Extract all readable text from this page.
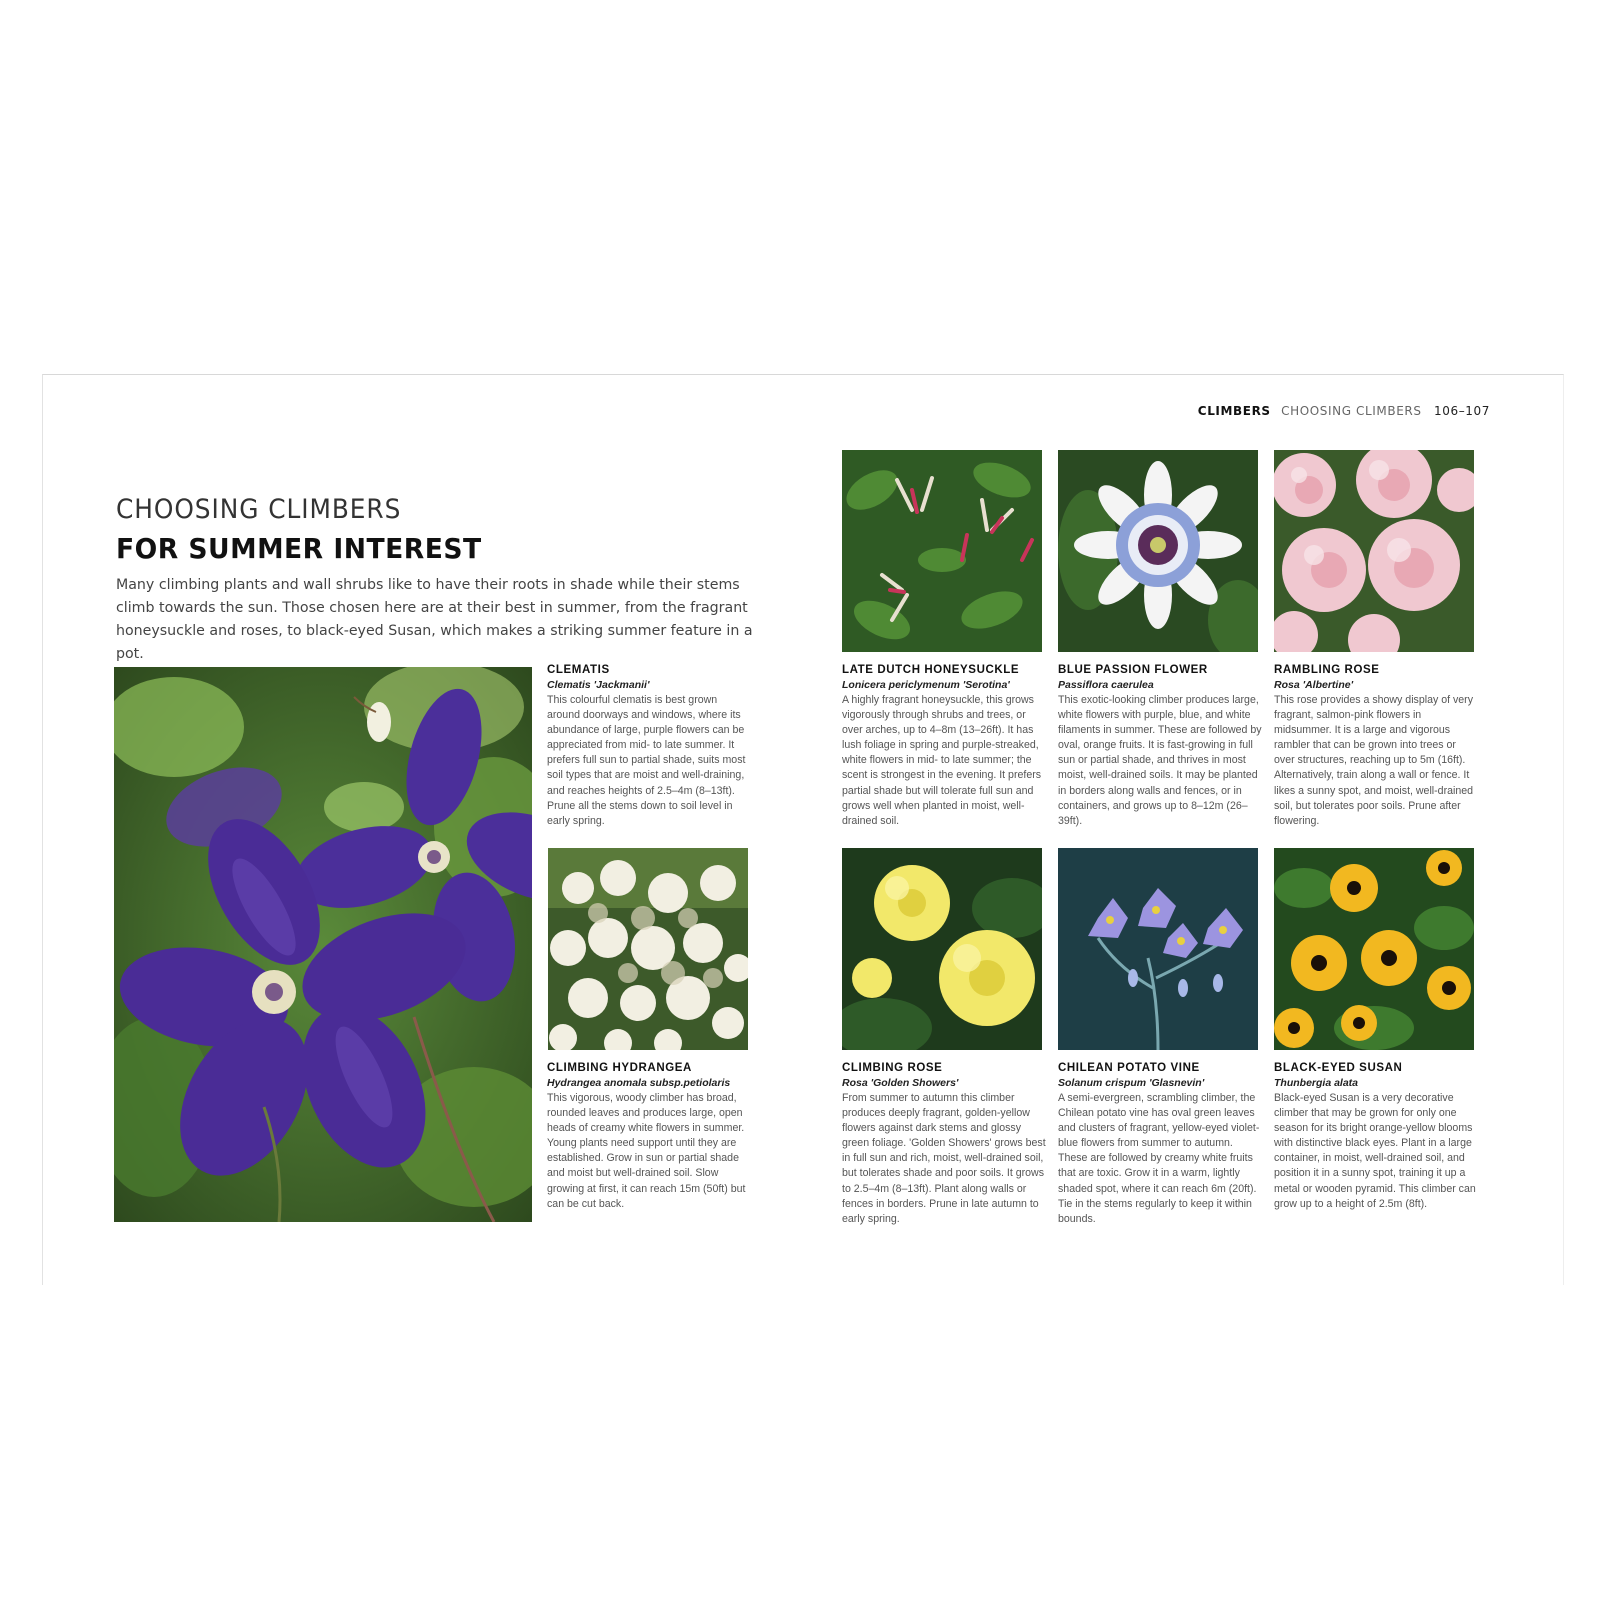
CLIMBERS CHOOSING CLIMBERS 106–107
CHOOSING CLIMBERS
FOR SUMMER INTEREST

Many climbing plants and wall shrubs like to have their roots in shade while their stems climb towards the sun. Those chosen here are at their best in summer, from the fragrant honeysuckle and roses, to black-eyed Susan, which makes a striking summer feature in a pot.

CLEMATIS
Clematis 'Jackmanii'

This colourful clematis is best grown around doorways and windows, where its abundance of large, purple flowers can be appreciated from mid- to late summer. It prefers full sun to partial shade, suits most soil types that are moist and well-draining, and reaches heights of 2.5–4m (8–13ft). Prune all the stems down to soil level in early spring.

CLIMBING HYDRANGEA
Hydrangea anomala subsp.petiolaris

This vigorous, woody climber has broad, rounded leaves and produces large, open heads of creamy white flowers in summer. Young plants need support until they are established. Grow in sun or partial shade and moist but well-drained soil. Slow growing at first, it can reach 15m (50ft) but can be cut back.

LATE DUTCH HONEYSUCKLE
Lonicera periclymenum 'Serotina'

A highly fragrant honeysuckle, this grows vigorously through shrubs and trees, or over arches, up to 4–8m (13–26ft). It has lush foliage in spring and purple-streaked, white flowers in mid- to late summer; the scent is strongest in the evening. It prefers partial shade but will tolerate full sun and grows well when planted in moist, well-drained soil.

BLUE PASSION FLOWER
Passiflora caerulea

This exotic-looking climber produces large, white flowers with purple, blue, and white filaments in summer. These are followed by oval, orange fruits. It is fast-growing in full sun or partial shade, and thrives in most moist, well-drained soils. It may be planted in borders along walls and fences, or in containers, and grows up to 8–12m (26–39ft).

RAMBLING ROSE
Rosa 'Albertine'

This rose provides a showy display of very fragrant, salmon-pink flowers in midsummer. It is a large and vigorous rambler that can be grown into trees or over structures, reaching up to 5m (16ft). Alternatively, train along a wall or fence. It likes a sunny spot, and moist, well-drained soil, but tolerates poor soils. Prune after flowering.

CLIMBING ROSE
Rosa 'Golden Showers'

From summer to autumn this climber produces deeply fragrant, golden-yellow flowers against dark stems and glossy green foliage. 'Golden Showers' grows best in full sun and rich, moist, well-drained soil, but tolerates shade and poor soils. It grows to 2.5–4m (8–13ft). Plant along walls or fences in borders. Prune in late autumn to early spring.

CHILEAN POTATO VINE
Solanum crispum 'Glasnevin'

A semi-evergreen, scrambling climber, the Chilean potato vine has oval green leaves and clusters of fragrant, yellow-eyed violet-blue flowers from summer to autumn. These are followed by creamy white fruits that are toxic. Grow it in a warm, lightly shaded spot, where it can reach 6m (20ft). Tie in the stems regularly to keep it within bounds.

BLACK-EYED SUSAN
Thunbergia alata

Black-eyed Susan is a very decorative climber that may be grown for only one season for its bright orange-yellow blooms with distinctive black eyes. Plant in a large container, in moist, well-drained soil, and position it in a sunny spot, training it up a metal or wooden pyramid. This climber can grow up to a height of 2.5m (8ft).
